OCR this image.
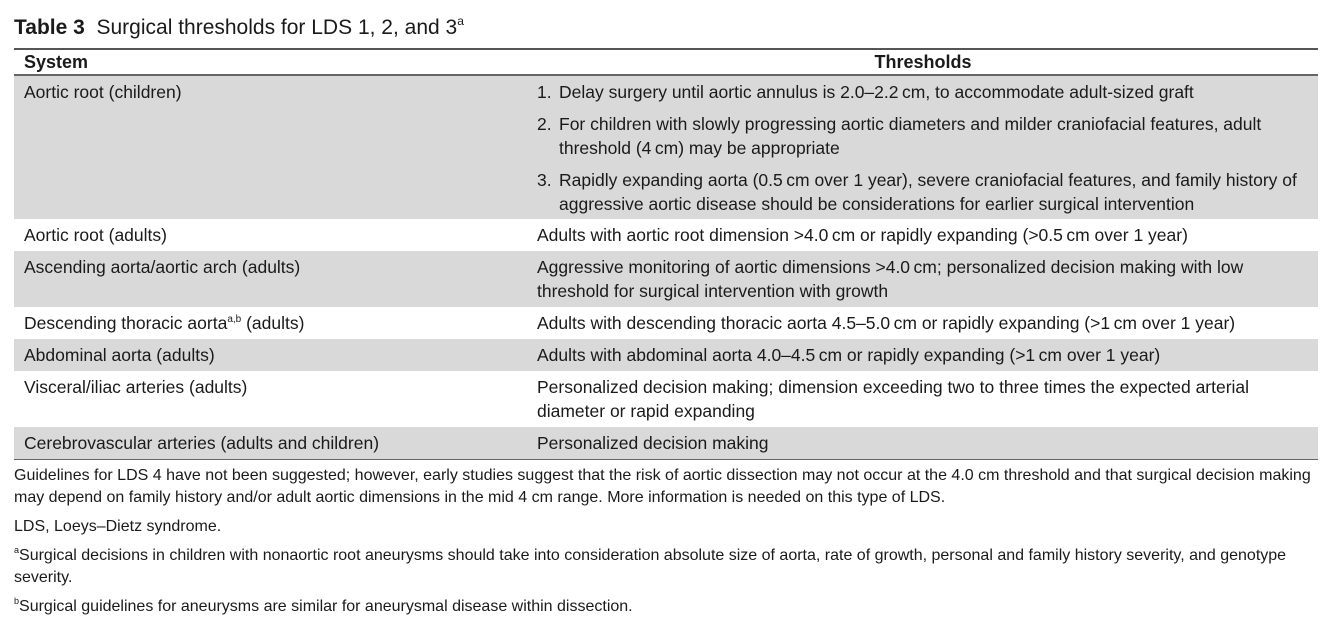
Table 3 Surgical thresholds for LDS 1, 2, and 3$^a$
System	Thresholds
Aortic root (children)	1. Delay surgery until aortic annulus is 2.0–2.2 cm, to accommodate adult-sized graft
2. For children with slowly progressing aortic diameters and milder craniofacial features, adult threshold (4 cm) may be appropriate
3. Rapidly expanding aorta (0.5 cm over 1 year), severe craniofacial features, and family history of aggressive aortic disease should be considerations for earlier surgical intervention
Aortic root (adults)	Adults with aortic root dimension >4.0 cm or rapidly expanding (>0.5 cm over 1 year)
Ascending aorta/aortic arch (adults)	Aggressive monitoring of aortic dimensions >4.0 cm; personalized decision making with low threshold for surgical intervention with growth
Descending thoracic aorta$^{a,b}$ (adults)	Adults with descending thoracic aorta 4.5–5.0 cm or rapidly expanding (>1 cm over 1 year)
Abdominal aorta (adults)	Adults with abdominal aorta 4.0–4.5 cm or rapidly expanding (>1 cm over 1 year)
Visceral/iliac arteries (adults)	Personalized decision making; dimension exceeding two to three times the expected arterial diameter or rapid expanding
Cerebrovascular arteries (adults and children)	Personalized decision making

Guidelines for LDS 4 have not been suggested; however, early studies suggest that the risk of aortic dissection may not occur at the 4.0 cm threshold and that surgical decision making may depend on family history and/or adult aortic dimensions in the mid 4 cm range. More information is needed on this type of LDS.

LDS, Loeys–Dietz syndrome.

$^a$Surgical decisions in children with nonaortic root aneurysms should take into consideration absolute size of aorta, rate of growth, personal and family history severity, and genotype severity.

$^b$Surgical guidelines for aneurysms are similar for aneurysmal disease within dissection.
